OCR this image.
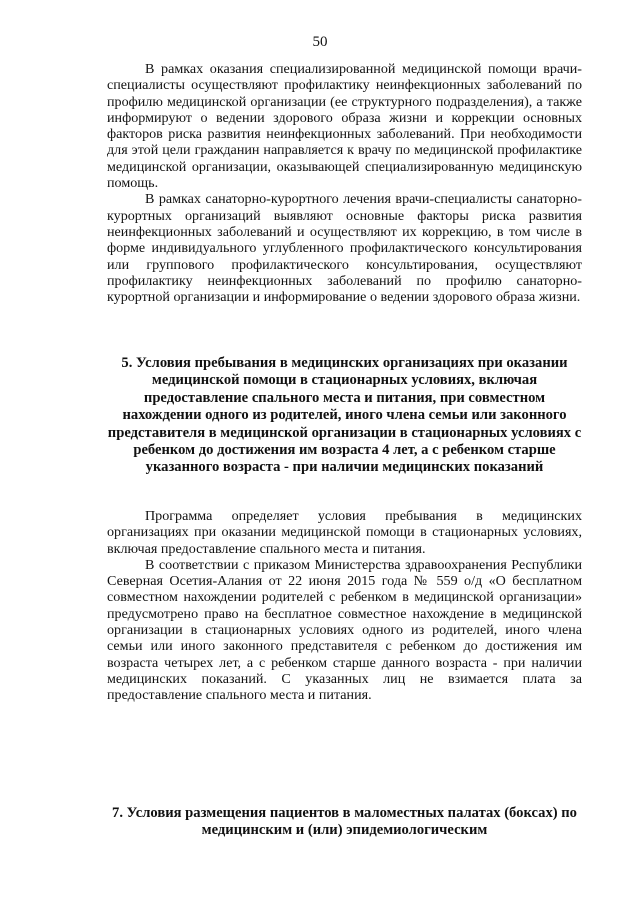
50

В рамках оказания специализированной медицинской помощи врачи-специалисты осуществляют профилактику неинфекционных заболеваний по профилю медицинской организации (ее структурного подразделения), а также информируют о ведении здорового образа жизни и коррекции основных факторов риска развития неинфекционных заболеваний. При необходимости для этой цели гражданин направляется к врачу по медицинской профилактике медицинской организации, оказывающей специализированную медицинскую помощь.

В рамках санаторно-курортного лечения врачи-специалисты санаторно-курортных организаций выявляют основные факторы риска развития неинфекционных заболеваний и осуществляют их коррекцию, в том числе в форме индивидуального углубленного профилактического консультирования или группового профилактического консультирования, осуществляют профилактику неинфекционных заболеваний по профилю санаторно-курортной организации и информирование о ведении здорового образа жизни.

5. Условия пребывания в медицинских организациях при оказании медицинской помощи в стационарных условиях, включая предоставление спального места и питания, при совместном нахождении одного из родителей, иного члена семьи или законного представителя в медицинской организации в стационарных условиях с ребенком до достижения им возраста 4 лет, а с ребенком старше указанного возраста - при наличии медицинских показаний

Программа определяет условия пребывания в медицинских организациях при оказании медицинской помощи в стационарных условиях, включая предоставление спального места и питания.

В соответствии с приказом Министерства здравоохранения Республики Северная Осетия-Алания от 22 июня 2015 года № 559 о/д «О бесплатном совместном нахождении родителей с ребенком в медицинской организации» предусмотрено право на бесплатное совместное нахождение в медицинской организации в стационарных условиях одного из родителей, иного члена семьи или иного законного представителя с ребенком до достижения им возраста четырех лет, а с ребенком старше данного возраста - при наличии медицинских показаний. С указанных лиц не взимается плата за предоставление спального места и питания.

7. Условия размещения пациентов в маломестных палатах (боксах) по медицинским и (или) эпидемиологическим
